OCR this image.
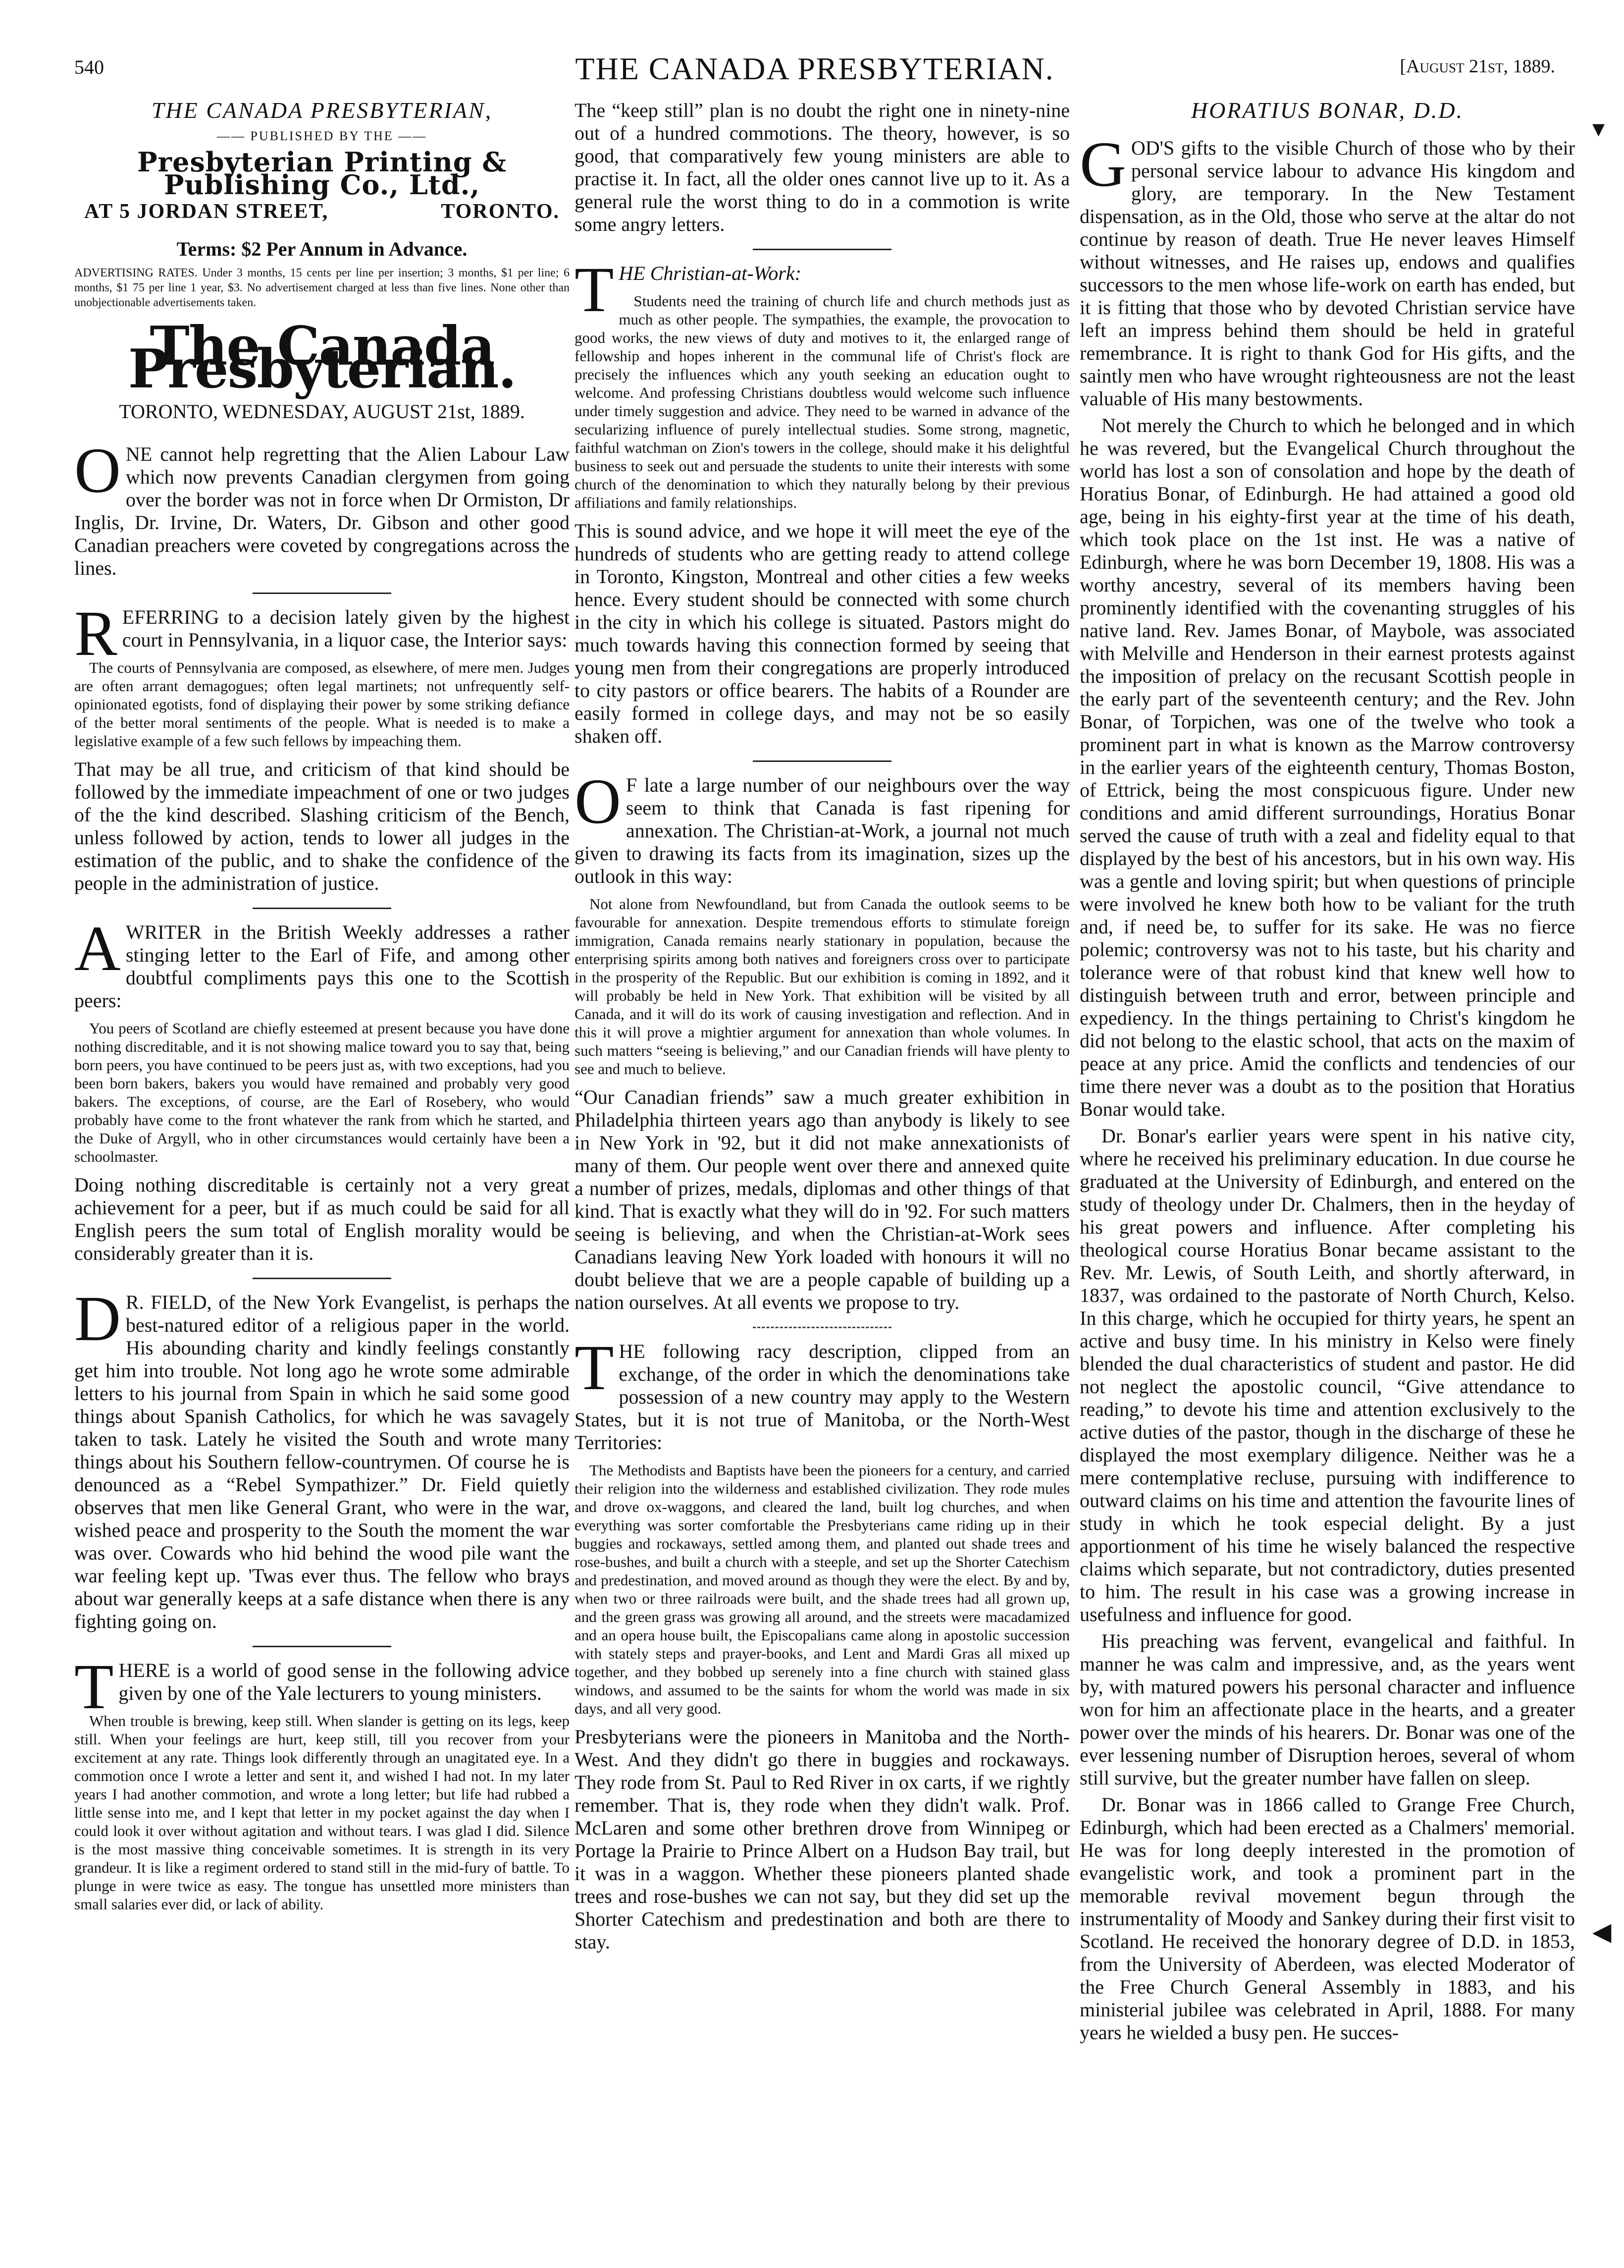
540	THE CANADA PRESBYTERIAN.	[August 21st, 1889.
THE CANADA PRESBYTERIAN,
—— PUBLISHED BY THE ——
Presbyterian Printing & Publishing Co., Ltd.,
AT 5 JORDAN STREET,	TORONTO.
Terms: $2 Per Annum in Advance.
ADVERTISING RATES. Under 3 months, 15 cents per line per insertion; 3 months, $1 per line; 6 months, $1 75 per line 1 year, $3. No advertisement charged at less than five lines. None other than unobjectionable advertisements taken.
The Canada Presbyterian.
TORONTO, WEDNESDAY, AUGUST 21st, 1889.

ONE cannot help regretting that the Alien Labour Law which now prevents Canadian clergymen from going over the border was not in force when Dr Ormiston, Dr Inglis, Dr. Irvine, Dr. Waters, Dr. Gibson and other good Canadian preachers were coveted by congregations across the lines.

REFERRING to a decision lately given by the highest court in Pennsylvania, in a liquor case, the Interior says:

The courts of Pennsylvania are composed, as elsewhere, of mere men. Judges are often arrant demagogues; often legal martinets; not unfrequently self-opinionated egotists, fond of displaying their power by some striking defiance of the better moral sentiments of the people. What is needed is to make a legislative example of a few such fellows by impeaching them.

That may be all true, and criticism of that kind should be followed by the immediate impeachment of one or two judges of the the kind described. Slashing criticism of the Bench, unless followed by action, tends to lower all judges in the estimation of the public, and to shake the confidence of the people in the administration of justice.

AWRITER in the British Weekly addresses a rather stinging letter to the Earl of Fife, and among other doubtful compliments pays this one to the Scottish peers:

You peers of Scotland are chiefly esteemed at present because you have done nothing discreditable, and it is not showing malice toward you to say that, being born peers, you have continued to be peers just as, with two exceptions, had you been born bakers, bakers you would have remained and probably very good bakers. The exceptions, of course, are the Earl of Rosebery, who would probably have come to the front whatever the rank from which he started, and the Duke of Argyll, who in other circumstances would certainly have been a schoolmaster.

Doing nothing discreditable is certainly not a very great achievement for a peer, but if as much could be said for all English peers the sum total of English morality would be considerably greater than it is.

D R. FIELD, of the New York Evangelist, is perhaps the best-natured editor of a religious paper in the world. His abounding charity and kindly feelings constantly get him into trouble. Not long ago he wrote some admirable letters to his journal from Spain in which he said some good things about Spanish Catholics, for which he was savagely taken to task. Lately he visited the South and wrote many things about his Southern fellow-countrymen. Of course he is denounced as a “Rebel Sympathizer.” Dr. Field quietly observes that men like General Grant, who were in the war, wished peace and prosperity to the South the moment the war was over. Cowards who hid behind the wood pile want the war feeling kept up. 'Twas ever thus. The fellow who brays about war generally keeps at a safe distance when there is any fighting going on.

THERE is a world of good sense in the following advice given by one of the Yale lecturers to young ministers.

When trouble is brewing, keep still. When slander is getting on its legs, keep still. When your feelings are hurt, keep still, till you recover from your excitement at any rate. Things look differently through an unagitated eye. In a commotion once I wrote a letter and sent it, and wished I had not. In my later years I had another commotion, and wrote a long letter; but life had rubbed a little sense into me, and I kept that letter in my pocket against the day when I could look it over without agitation and without tears. I was glad I did. Silence is the most massive thing conceivable sometimes. It is strength in its very grandeur. It is like a regiment ordered to stand still in the mid-fury of battle. To plunge in were twice as easy. The tongue has unsettled more ministers than small salaries ever did, or lack of ability.

The “keep still” plan is no doubt the right one in ninety-nine out of a hundred commotions. The theory, however, is so good, that comparatively few young ministers are able to practise it. In fact, all the older ones cannot live up to it. As a general rule the worst thing to do in a commotion is write some angry letters.

THE Christian-at-Work:

Students need the training of church life and church methods just as much as other people. The sympathies, the example, the provocation to good works, the new views of duty and motives to it, the enlarged range of fellowship and hopes inherent in the communal life of Christ's flock are precisely the influences which any youth seeking an education ought to welcome. And professing Christians doubtless would welcome such influence under timely suggestion and advice. They need to be warned in advance of the secularizing influence of purely intellectual studies. Some strong, magnetic, faithful watchman on Zion's towers in the college, should make it his delightful business to seek out and persuade the students to unite their interests with some church of the denomination to which they naturally belong by their previous affiliations and family relationships.

This is sound advice, and we hope it will meet the eye of the hundreds of students who are getting ready to attend college in Toronto, Kingston, Montreal and other cities a few weeks hence. Every student should be connected with some church in the city in which his college is situated. Pastors might do much towards having this connection formed by seeing that young men from their congregations are properly introduced to city pastors or office bearers. The habits of a Rounder are easily formed in college days, and may not be so easily shaken off.

O F late a large number of our neighbours over the way seem to think that Canada is fast ripening for annexation. The Christian-at-Work, a journal not much given to drawing its facts from its imagination, sizes up the outlook in this way:

Not alone from Newfoundland, but from Canada the outlook seems to be favourable for annexation. Despite tremendous efforts to stimulate foreign immigration, Canada remains nearly stationary in population, because the enterprising spirits among both natives and foreigners cross over to participate in the prosperity of the Republic. But our exhibition is coming in 1892, and it will probably be held in New York. That exhibition will be visited by all Canada, and it will do its work of causing investigation and reflection. And in this it will prove a mightier argument for annexation than whole volumes. In such matters “seeing is believing,” and our Canadian friends will have plenty to see and much to believe.

“Our Canadian friends” saw a much greater exhibition in Philadelphia thirteen years ago than anybody is likely to see in New York in '92, but it did not make annexationists of many of them. Our people went over there and annexed quite a number of prizes, medals, diplomas and other things of that kind. That is exactly what they will do in '92. For such matters seeing is believing, and when the Christian-at-Work sees Canadians leaving New York loaded with honours it will no doubt believe that we are a people capable of building up a nation ourselves. At all events we propose to try.

THE following racy description, clipped from an exchange, of the order in which the denominations take possession of a new country may apply to the Western States, but it is not true of Manitoba, or the North-West Territories:

The Methodists and Baptists have been the pioneers for a century, and carried their religion into the wilderness and established civilization. They rode mules and drove ox-waggons, and cleared the land, built log churches, and when everything was sorter comfortable the Presbyterians came riding up in their buggies and rockaways, settled among them, and planted out shade trees and rose-bushes, and built a church with a steeple, and set up the Shorter Catechism and predestination, and moved around as though they were the elect. By and by, when two or three railroads were built, and the shade trees had all grown up, and the green grass was growing all around, and the streets were macadamized and an opera house built, the Episcopalians came along in apostolic succession with stately steps and prayer-books, and Lent and Mardi Gras all mixed up together, and they bobbed up serenely into a fine church with stained glass windows, and assumed to be the saints for whom the world was made in six days, and all very good.

Presbyterians were the pioneers in Manitoba and the North-West. And they didn't go there in buggies and rockaways. They rode from St. Paul to Red River in ox carts, if we rightly remember. That is, they rode when they didn't walk. Prof. McLaren and some other brethren drove from Winnipeg or Portage la Prairie to Prince Albert on a Hudson Bay trail, but it was in a waggon. Whether these pioneers planted shade trees and rose-bushes we can not say, but they did set up the Shorter Catechism and predestination and both are there to stay.

HORATIUS BONAR, D.D.

GOD'S gifts to the visible Church of those who by their personal service labour to advance His kingdom and glory, are temporary. In the New Testament dispensation, as in the Old, those who serve at the altar do not continue by reason of death. True He never leaves Himself without witnesses, and He raises up, endows and qualifies successors to the men whose life-work on earth has ended, but it is fitting that those who by devoted Christian service have left an impress behind them should be held in grateful remembrance. It is right to thank God for His gifts, and the saintly men who have wrought righteousness are not the least valuable of His many bestowments.

Not merely the Church to which he belonged and in which he was revered, but the Evangelical Church throughout the world has lost a son of consolation and hope by the death of Horatius Bonar, of Edinburgh. He had attained a good old age, being in his eighty-first year at the time of his death, which took place on the 1st inst. He was a native of Edinburgh, where he was born December 19, 1808. His was a worthy ancestry, several of its members having been prominently identified with the covenanting struggles of his native land. Rev. James Bonar, of Maybole, was associated with Melville and Henderson in their earnest protests against the imposition of prelacy on the recusant Scottish people in the early part of the seventeenth century; and the Rev. John Bonar, of Torpichen, was one of the twelve who took a prominent part in what is known as the Marrow controversy in the earlier years of the eighteenth century, Thomas Boston, of Ettrick, being the most conspicuous figure. Under new conditions and amid different surroundings, Horatius Bonar served the cause of truth with a zeal and fidelity equal to that displayed by the best of his ancestors, but in his own way. His was a gentle and loving spirit; but when questions of principle were involved he knew both how to be valiant for the truth and, if need be, to suffer for its sake. He was no fierce polemic; controversy was not to his taste, but his charity and tolerance were of that robust kind that knew well how to distinguish between truth and error, between principle and expediency. In the things pertaining to Christ's kingdom he did not belong to the elastic school, that acts on the maxim of peace at any price. Amid the conflicts and tendencies of our time there never was a doubt as to the position that Horatius Bonar would take.

Dr. Bonar's earlier years were spent in his native city, where he received his preliminary education. In due course he graduated at the University of Edinburgh, and entered on the study of theology under Dr. Chalmers, then in the heyday of his great powers and influence. After completing his theological course Horatius Bonar became assistant to the Rev. Mr. Lewis, of South Leith, and shortly afterward, in 1837, was ordained to the pastorate of North Church, Kelso. In this charge, which he occupied for thirty years, he spent an active and busy time. In his ministry in Kelso were finely blended the dual characteristics of student and pastor. He did not neglect the apostolic council, “Give attendance to reading,” to devote his time and attention exclusively to the active duties of the pastor, though in the discharge of these he displayed the most exemplary diligence. Neither was he a mere contemplative recluse, pursuing with indifference to outward claims on his time and attention the favourite lines of study in which he took especial delight. By a just apportionment of his time he wisely balanced the respective claims which separate, but not contradictory, duties presented to him. The result in his case was a growing increase in usefulness and influence for good.

His preaching was fervent, evangelical and faithful. In manner he was calm and impressive, and, as the years went by, with matured powers his personal character and influence won for him an affectionate place in the hearts, and a greater power over the minds of his hearers. Dr. Bonar was one of the ever lessening number of Disruption heroes, several of whom still survive, but the greater number have fallen on sleep.

Dr. Bonar was in 1866 called to Grange Free Church, Edinburgh, which had been erected as a Chalmers' memorial. He was for long deeply interested in the promotion of evangelistic work, and took a prominent part in the memorable revival movement begun through the instrumentality of Moody and Sankey during their first visit to Scotland. He received the honorary degree of D.D. in 1853, from the University of Aberdeen, was elected Moderator of the Free Church General Assembly in 1883, and his ministerial jubilee was celebrated in April, 1888. For many years he wielded a busy pen. He succes-

▾
◀
